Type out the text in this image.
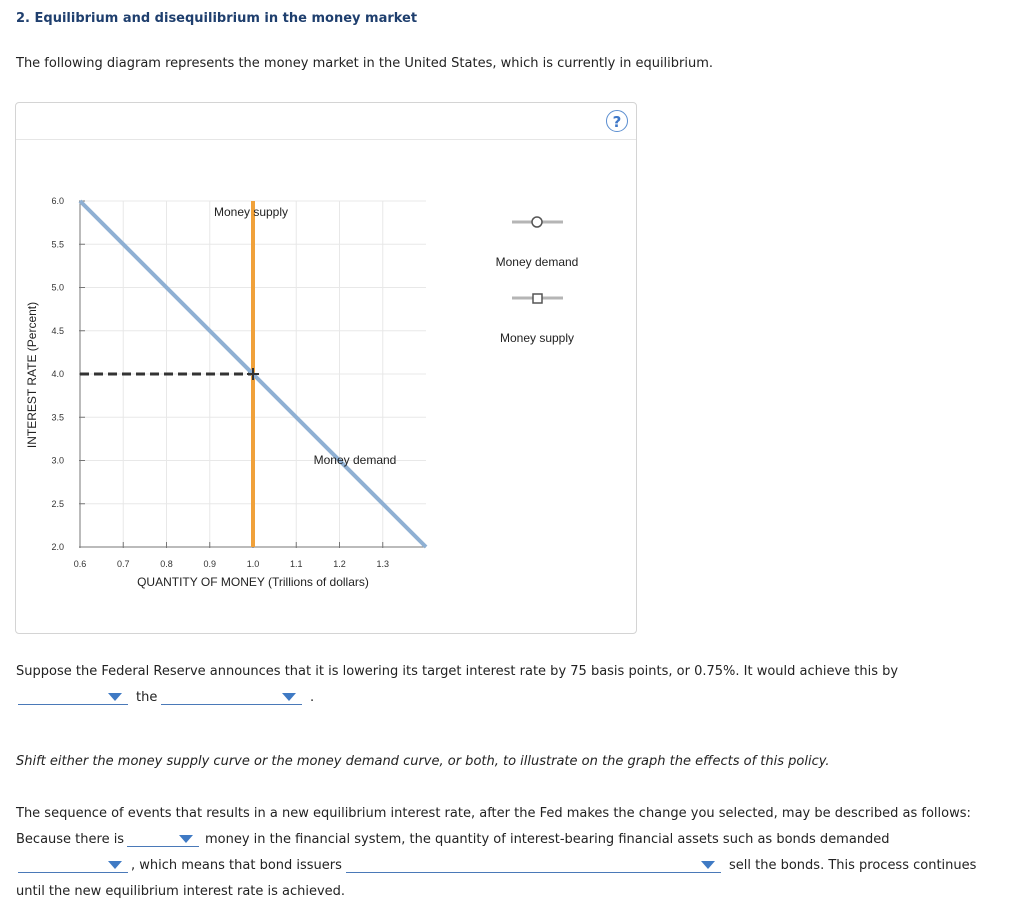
2. Equilibrium and disequilibrium in the money market
The following diagram represents the money market in the United States, which is currently in equilibrium.
?
2.0
2.5
3.0
3.5
4.0
4.5
5.0
5.5
6.0
0.6	0.7	0.8	0.9	1.0	1.1	1.2	1.3
QUANTITY OF MONEY (Trillions of dollars)
INTEREST RATE (Percent)
Money supply
Money demand
Money demand
Money supply
Suppose the Federal Reserve announces that it is lowering its target interest rate by 75 basis points, or 0.75%. It would achieve this by
the	.
Shift either the money supply curve or the money demand curve, or both, to illustrate on the graph the effects of this policy.
The sequence of events that results in a new equilibrium interest rate, after the Fed makes the change you selected, may be described as follows:
Because there is	money in the financial system, the quantity of interest-bearing financial assets such as bonds demanded
, which means that bond issuers	sell the bonds. This process continues
until the new equilibrium interest rate is achieved.
